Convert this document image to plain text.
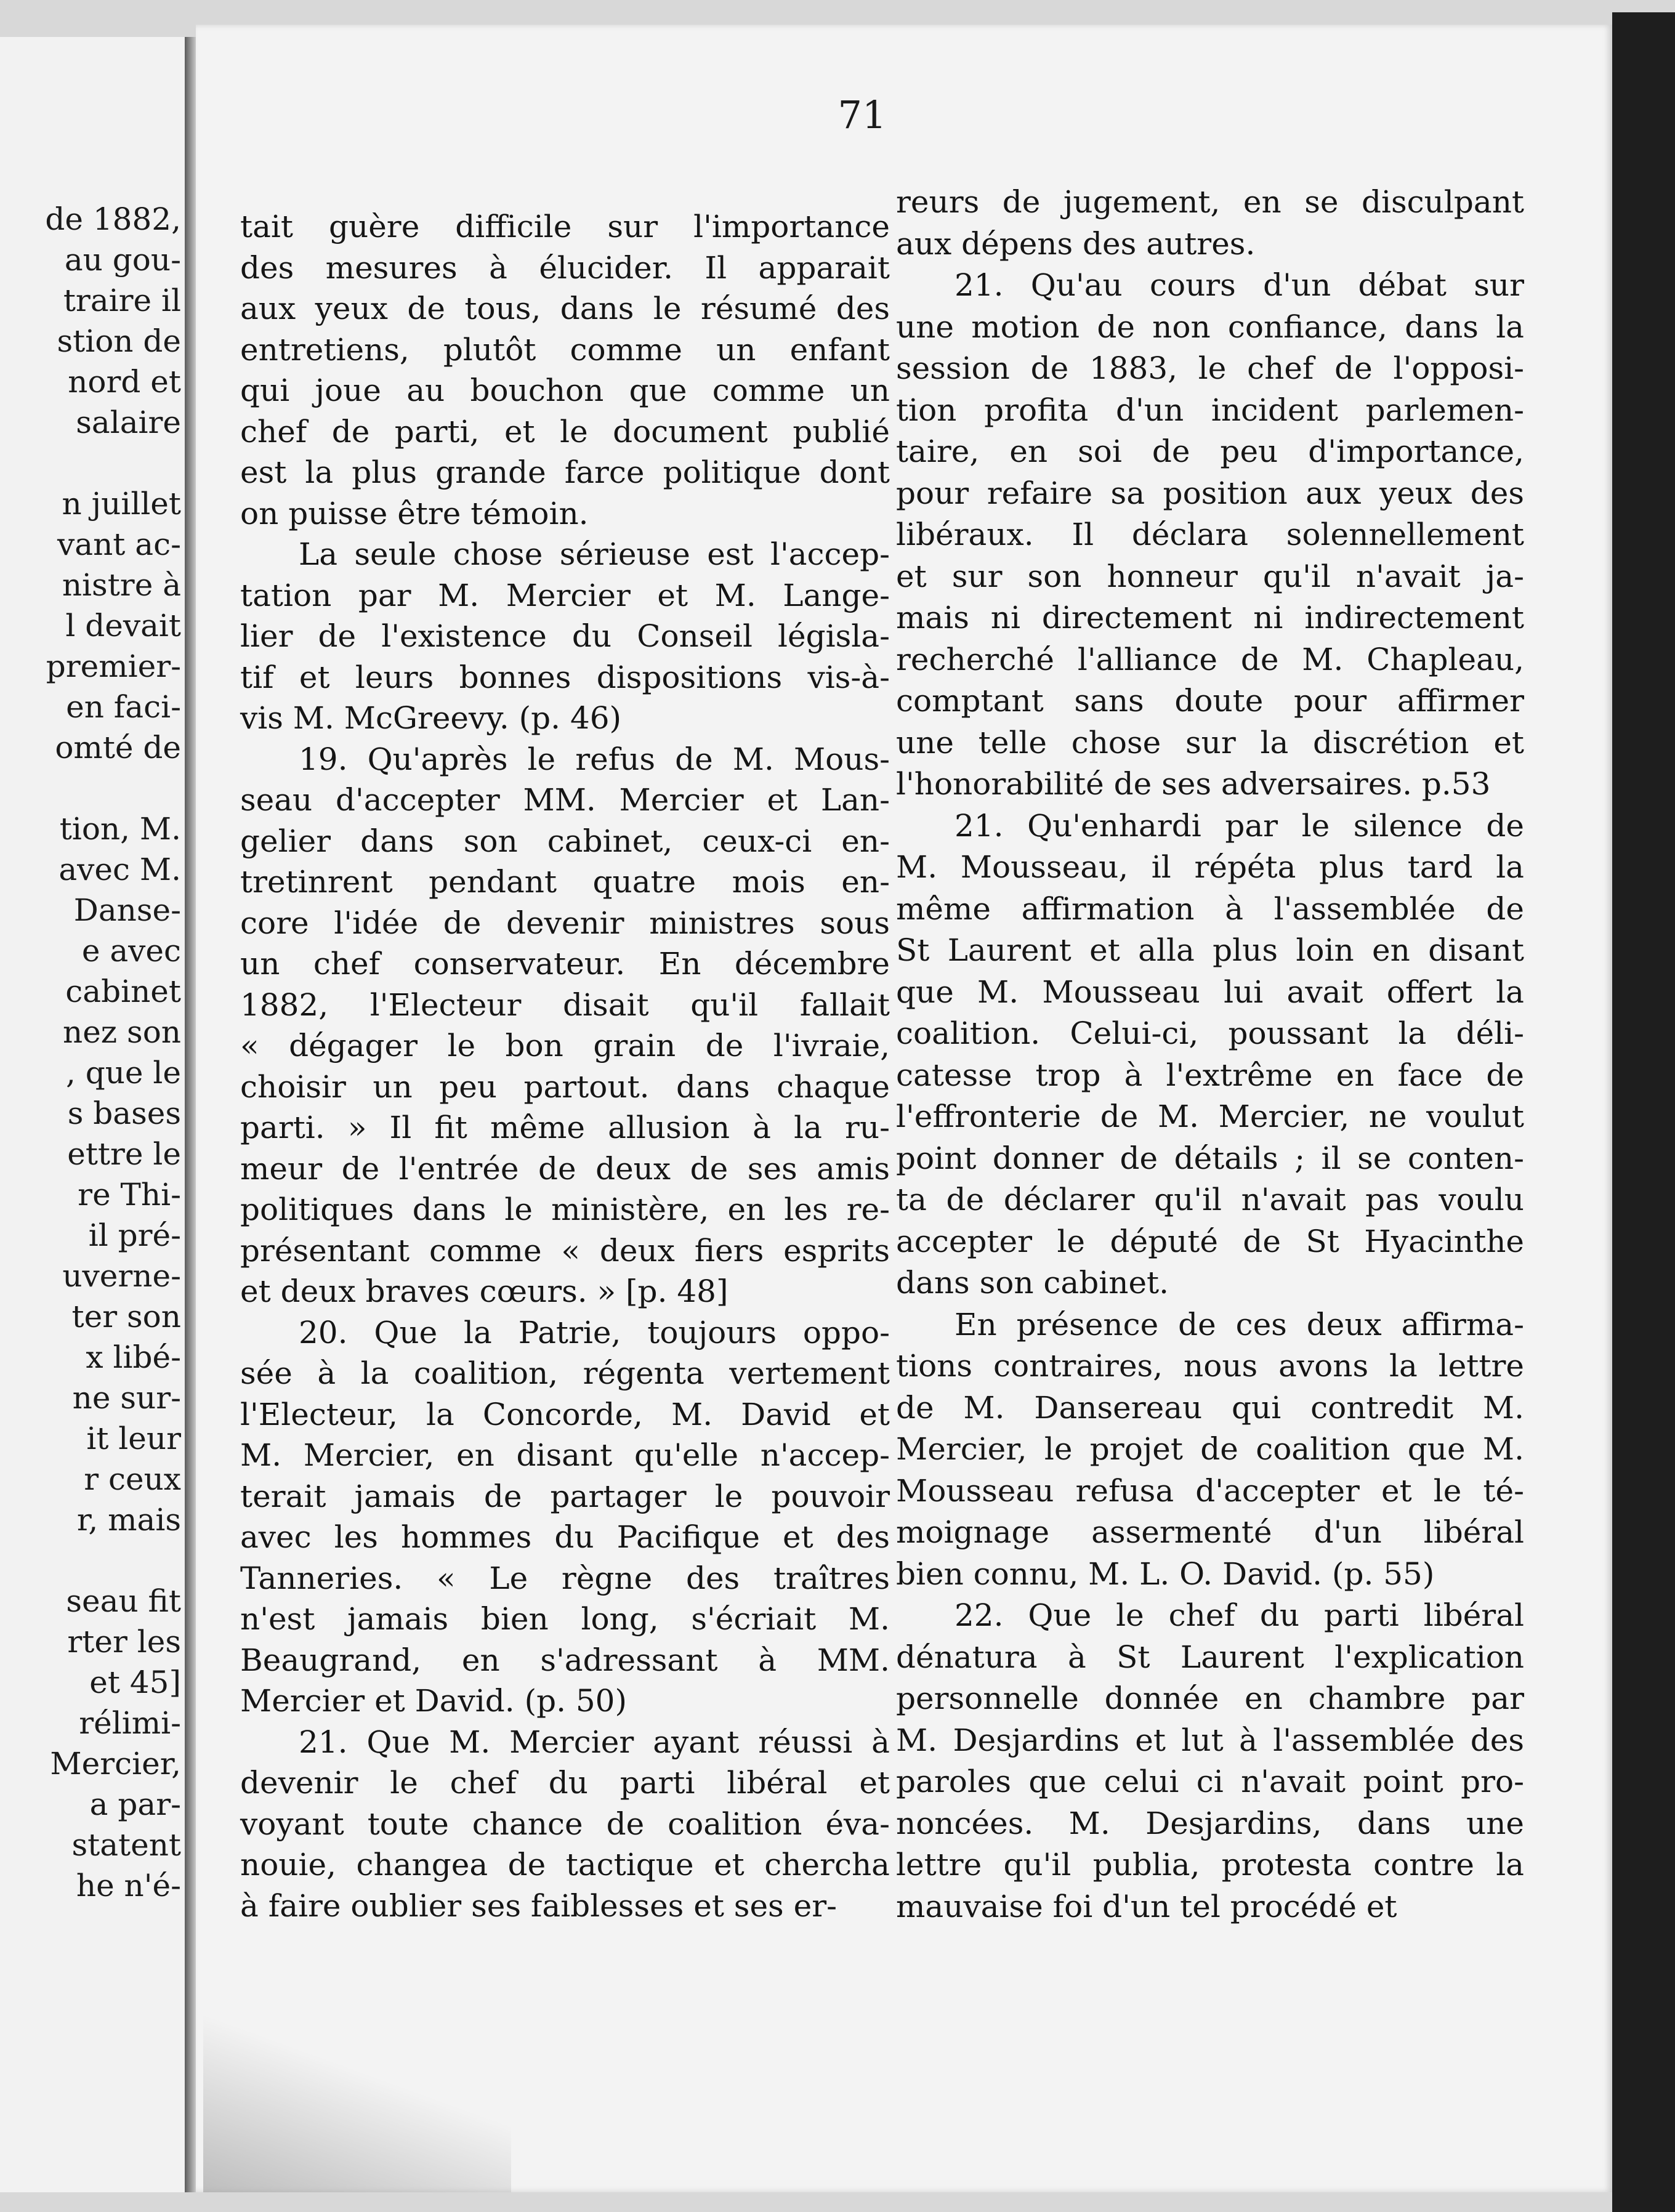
de 1882,
au gou-
traire il
stion de
nord et
salaire
n juillet
vant ac-
nistre à
l devait
premier-
en faci-
omté de
tion, M.
avec M.
Danse-
e avec
cabinet
nez son
, que le
s bases
ettre le
re Thi-
il pré-
uverne-
ter son
x libé-
ne sur-
it leur
r ceux
r, mais
seau fit
rter les
et 45]
rélimi-
Mercier,
a par-
statent
he n'é-
71
tait guère difficile sur l'importance
des mesures à élucider. Il apparait
aux yeux de tous, dans le résumé des
entretiens, plutôt comme un enfant
qui joue au bouchon que comme un
chef de parti, et le document publié
est la plus grande farce politique dont
on puisse être témoin.
La seule chose sérieuse est l'accep-
tation par M. Mercier et M. Lange-
lier de l'existence du Conseil législa-
tif et leurs bonnes dispositions vis-à-
vis M. McGreevy. (p. 46)
19. Qu'après le refus de M. Mous-
seau d'accepter MM. Mercier et Lan-
gelier dans son cabinet, ceux-ci en-
tretinrent pendant quatre mois en-
core l'idée de devenir ministres sous
un chef conservateur. En décembre
1882, l'Electeur disait qu'il fallait
« dégager le bon grain de l'ivraie,
choisir un peu partout. dans chaque
parti. » Il fit même allusion à la ru-
meur de l'entrée de deux de ses amis
politiques dans le ministère, en les re-
présentant comme « deux fiers esprits
et deux braves cœurs. » [p. 48]
20. Que la Patrie, toujours oppo-
sée à la coalition, régenta vertement
l'Electeur, la Concorde, M. David et
M. Mercier, en disant qu'elle n'accep-
terait jamais de partager le pouvoir
avec les hommes du Pacifique et des
Tanneries. « Le règne des traîtres
n'est jamais bien long, s'écriait M.
Beaugrand, en s'adressant à MM.
Mercier et David. (p. 50)
21. Que M. Mercier ayant réussi à
devenir le chef du parti libéral et
voyant toute chance de coalition éva-
nouie, changea de tactique et chercha
à faire oublier ses faiblesses et ses er-
reurs de jugement, en se disculpant
aux dépens des autres.
21. Qu'au cours d'un débat sur
une motion de non confiance, dans la
session de 1883, le chef de l'opposi-
tion profita d'un incident parlemen-
taire, en soi de peu d'importance,
pour refaire sa position aux yeux des
libéraux. Il déclara solennellement
et sur son honneur qu'il n'avait ja-
mais ni directement ni indirectement
recherché l'alliance de M. Chapleau,
comptant sans doute pour affirmer
une telle chose sur la discrétion et
l'honorabilité de ses adversaires. p.53
21. Qu'enhardi par le silence de
M. Mousseau, il répéta plus tard la
même affirmation à l'assemblée de
St Laurent et alla plus loin en disant
que M. Mousseau lui avait offert la
coalition. Celui-ci, poussant la déli-
catesse trop à l'extrême en face de
l'effronterie de M. Mercier, ne voulut
point donner de détails ; il se conten-
ta de déclarer qu'il n'avait pas voulu
accepter le député de St Hyacinthe
dans son cabinet.
En présence de ces deux affirma-
tions contraires, nous avons la lettre
de M. Dansereau qui contredit M.
Mercier, le projet de coalition que M.
Mousseau refusa d'accepter et le té-
moignage assermenté d'un libéral
bien connu, M. L. O. David. (p. 55)
22. Que le chef du parti libéral
dénatura à St Laurent l'explication
personnelle donnée en chambre par
M. Desjardins et lut à l'assemblée des
paroles que celui ci n'avait point pro-
noncées. M. Desjardins, dans une
lettre qu'il publia, protesta contre la
mauvaise foi d'un tel procédé et
